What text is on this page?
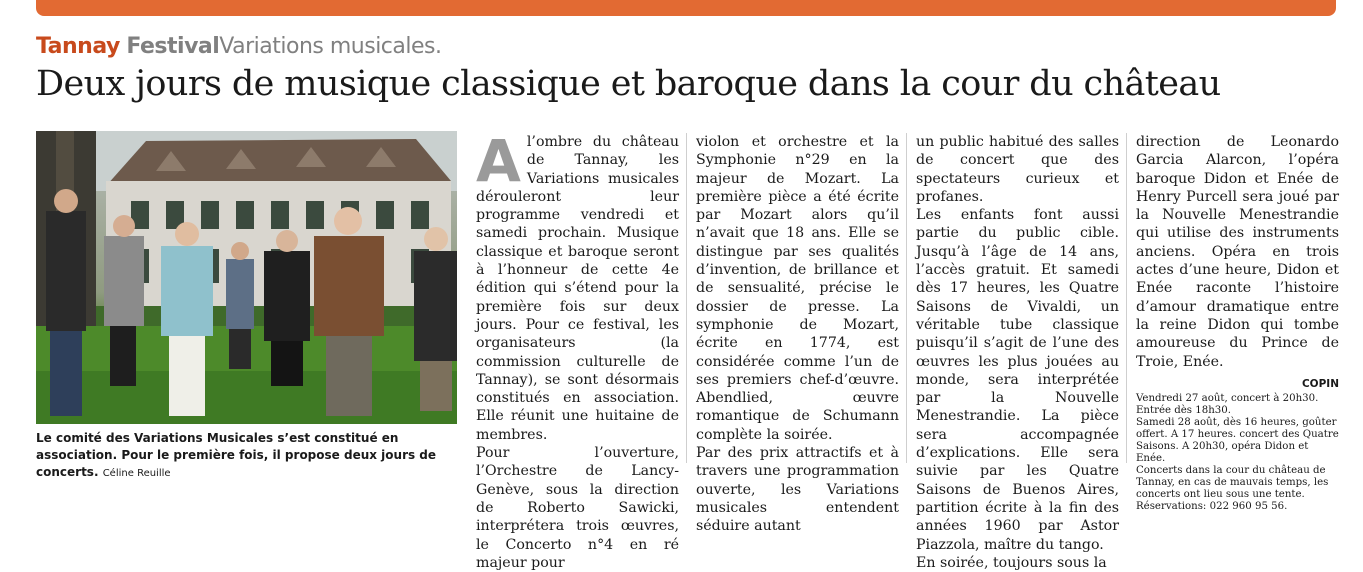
Tannay FestivalVariations musicales.
Deux jours de musique classique et baroque dans la cour du château
Le comité des Variations Musicales s’est constitué en association. Pour le première fois, il propose deux jours de concerts. Céline Reuille

Al’ombre du château de Tannay, les Variations musicales dérouleront leur programme vendredi et samedi prochain. Musique classique et baroque seront à l’honneur de cette 4e édition qui s’étend pour la première fois sur deux jours. Pour ce festival, les organisateurs (la commission culturelle de Tannay), se sont désormais constitués en association. Elle réunit une huitaine de membres.

Pour l’ouverture, l’Orchestre de Lancy-Genève, sous la direction de Roberto Sawicki, interprétera trois œuvres, le Concerto n°4 en ré majeur pour

violon et orchestre et la Symphonie n°29 en la majeur de Mozart. La première pièce a été écrite par Mozart alors qu’il n’avait que 18 ans. Elle se distingue par ses qualités d’invention, de brillance et de sensualité, précise le dossier de presse. La symphonie de Mozart, écrite en 1774, est considérée comme l’un de ses premiers chef-d’œuvre. Abendlied, œuvre romantique de Schumann complète la soirée.

Par des prix attractifs et à travers une programmation ouverte, les Variations musicales entendent séduire autant

un public habitué des salles de concert que des spectateurs curieux et profanes.

Les enfants font aussi partie du public cible. Jusqu’à l’âge de 14 ans, l’accès gratuit. Et samedi dès 17 heures, les Quatre Saisons de Vivaldi, un véritable tube classique puisqu’il s’agit de l’une des œuvres les plus jouées au monde, sera interprétée par la Nouvelle Menestrandie. La pièce sera accompagnée d’explications. Elle sera suivie par les Quatre Saisons de Buenos Aires, partition écrite à la fin des années 1960 par Astor Piazzola, maître du tango.

En soirée, toujours sous la

direction de Leonardo Garcia Alarcon, l’opéra baroque Didon et Enée de Henry Purcell sera joué par la Nouvelle Menestrandie qui utilise des instruments anciens. Opéra en trois actes d’une heure, Didon et Enée raconte l’histoire d’amour dramatique entre la reine Didon qui tombe amoureuse du Prince de Troie, Enée.

COPIN
Vendredi 27 août, concert à 20h30. Entrée dès 18h30.
Samedi 28 août, dès 16 heures, goûter offert. A 17 heures. concert des Quatre Saisons. A 20h30, opéra Didon et Enée.
Concerts dans la cour du château de Tannay, en cas de mauvais temps, les concerts ont lieu sous une tente. Réservations: 022 960 95 56.
